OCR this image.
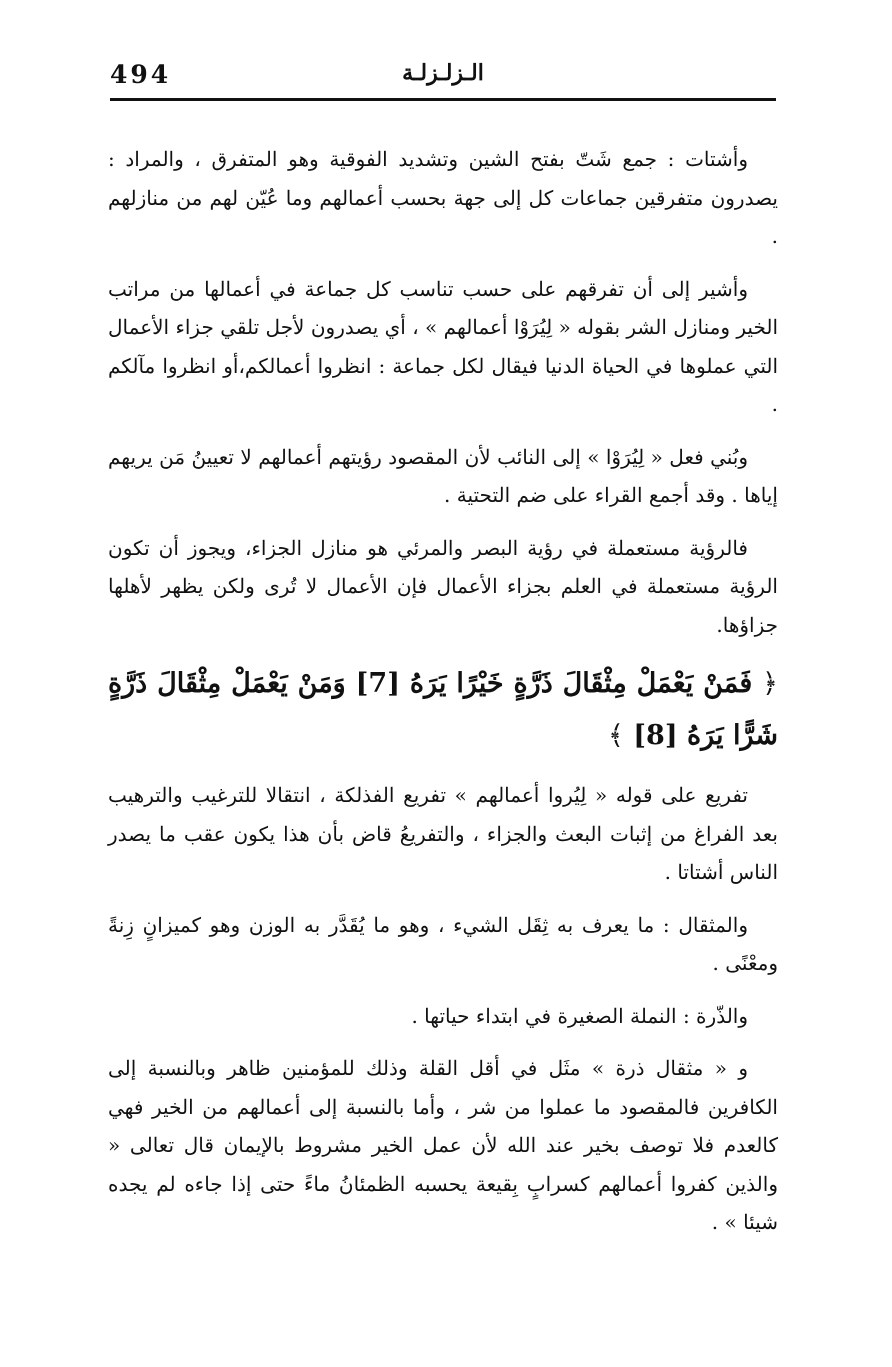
494	الـزلـزلـة

وأشتات : جمع شَتّ بفتح الشين وتشديد الفوقية وهو المتفرق ، والمراد : يصدرون متفرقين جماعات كل إلى جهة بحسب أعمالهم وما عُيّن لهم من منازلهم .

وأشير إلى أن تفرقهم على حسب تناسب كل جماعة في أعمالها من مراتب الخير ومنازل الشر بقوله « لِيُرَوْا أعمالهم » ، أي يصدرون لأجل تلقي جزاء الأعمال التي عملوها في الحياة الدنيا فيقال لكل جماعة : انظروا أعمالكم،أو انظروا مآلكم .

وبُني فعل « لِيُرَوْا » إلى النائب لأن المقصود رؤيتهم أعمالهم لا تعيينُ مَن يريهم إياها . وقد أجمع القراء على ضم التحتية .

فالرؤية مستعملة في رؤية البصر والمرئي هو منازل الجزاء، ويجوز أن تكون الرؤية مستعملة في العلم بجزاء الأعمال فإن الأعمال لا تُرى ولكن يظهر لأهلها جزاؤها.

﴿ فَمَنْ يَعْمَلْ مِثْقَالَ ذَرَّةٍ خَيْرًا يَرَهُ [7] وَمَنْ يَعْمَلْ مِثْقَالَ ذَرَّةٍ شَرًّا يَرَهُ [8] ﴾

تفريع على قوله « لِيُروا أعمالهم » تفريع الفذلكة ، انتقالا للترغيب والترهيب بعد الفراغ من إثبات البعث والجزاء ، والتفريعُ قاض بأن هذا يكون عقب ما يصدر الناس أشتاتا .

والمثقال : ما يعرف به ثِقَل الشيء ، وهو ما يُقَدَّر به الوزن وهو كميزانٍ زِنةً ومعْنًى .

والذّرة : النملة الصغيرة في ابتداء حياتها .

و « مثقال ذرة » مثَل في أقل القلة وذلك للمؤمنين ظاهر وبالنسبة إلى الكافرين فالمقصود ما عملوا من شر ، وأما بالنسبة إلى أعمالهم من الخير فهي كالعدم فلا توصف بخير عند الله لأن عمل الخير مشروط بالإيمان قال تعالى « والذين كفروا أعمالهم كسرابٍ بِقيعة يحسبه الظمئانُ ماءً حتى إذا جاءه لم يجده شيئا » .
